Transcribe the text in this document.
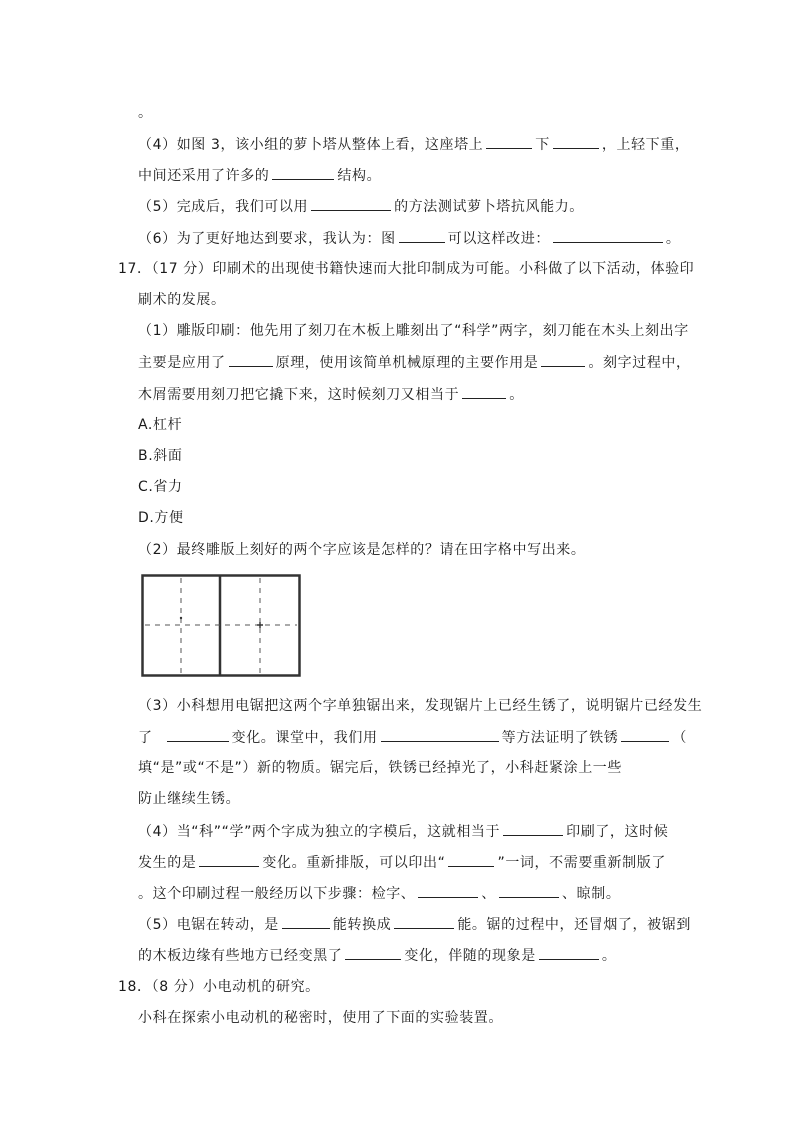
。
（4）如图 3，该小组的萝卜塔从整体上看，这座塔上	下	，上轻下重，
中间还采用了许多的	结构。
（5）完成后，我们可以用	的方法测试萝卜塔抗风能力。
（6）为了更好地达到要求，我认为：图	可以这样改进：	。
17．（17 分）印刷术的出现使书籍快速而大批印制成为可能。小科做了以下活动，体验印
刷术的发展。
（1）雕版印刷：他先用了刻刀在木板上雕刻出了“科学”两字，刻刀能在木头上刻出字
主要是应用了	原理，使用该简单机械原理的主要作用是	。刻字过程中，
木屑需要用刻刀把它撬下来，这时候刻刀又相当于	。
A.杠杆
B.斜面
C.省力
D.方便
（2）最终雕版上刻好的两个字应该是怎样的？请在田字格中写出来。
（3）小科想用电锯把这两个字单独锯出来，发现锯片上已经生锈了，说明锯片已经发生
了	变化。课堂中，我们用	等方法证明了铁锈	（
填“是”或“不是”）新的物质。锯完后，铁锈已经掉光了，小科赶紧涂上一些
防止继续生锈。
（4）当“科”“学”两个字成为独立的字模后，这就相当于	印刷了，这时候
发生的是	变化。重新排版，可以印出“	”一词，不需要重新制版了
。这个印刷过程一般经历以下步骤：检字、	、	、晾制。
（5）电锯在转动，是	能转换成	能。锯的过程中，还冒烟了，被锯到
的木板边缘有些地方已经变黑了	变化，伴随的现象是	。
18．（8 分）小电动机的研究。
小科在探索小电动机的秘密时，使用了下面的实验装置。
